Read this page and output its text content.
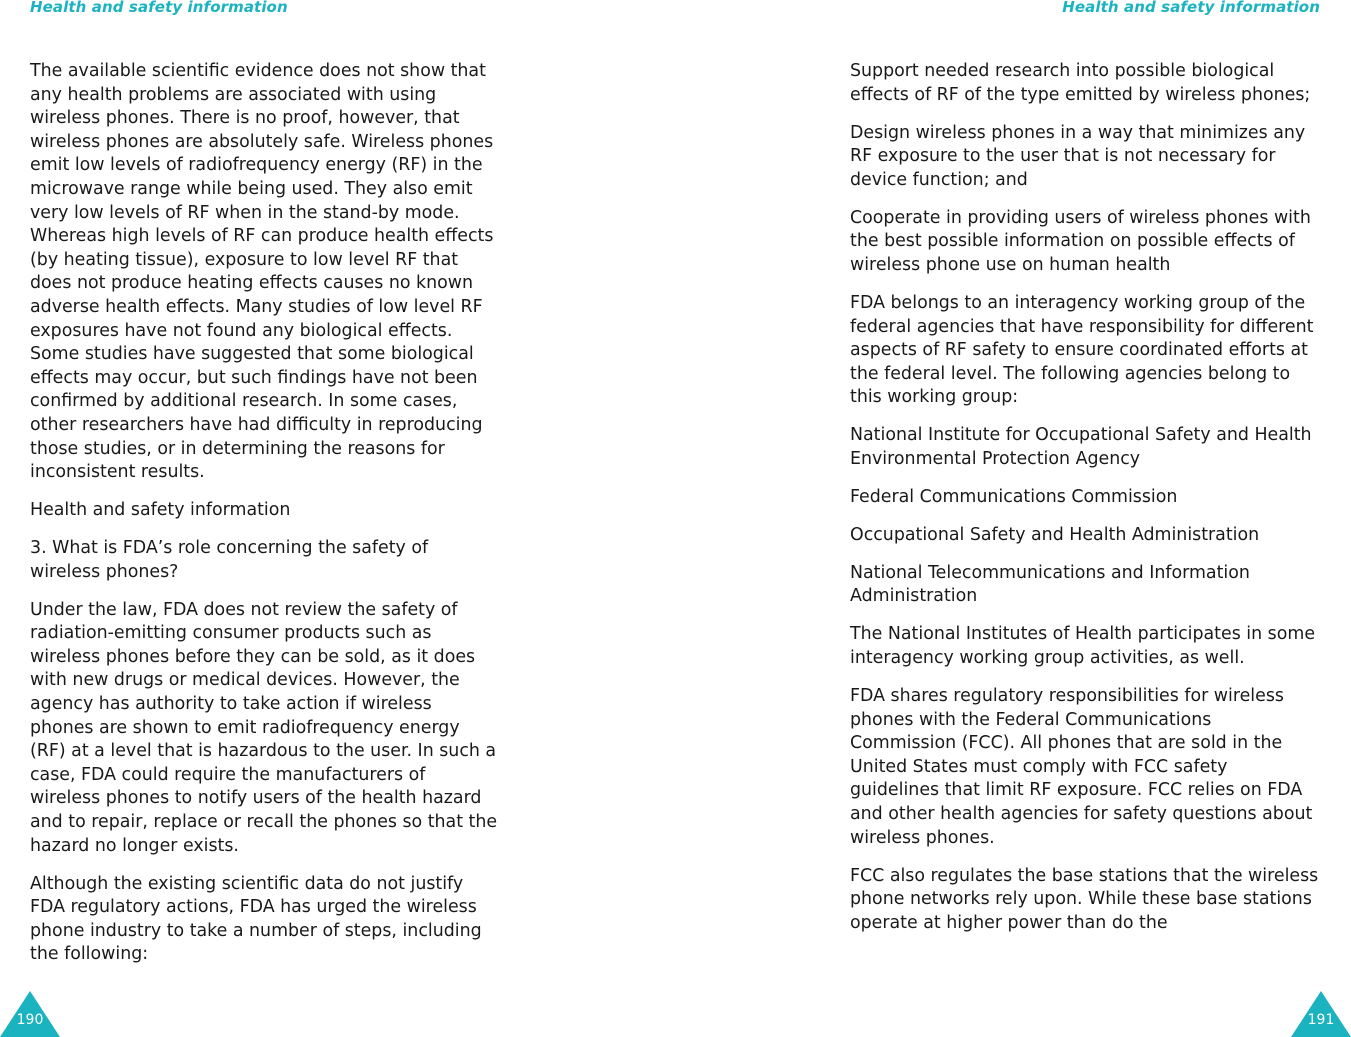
Health and safety information	Health and safety information

The available scientific evidence does not show that any health problems are associated with using wireless phones. There is no proof, however, that wireless phones are absolutely safe. Wireless phones emit low levels of radiofrequency energy (RF) in the microwave range while being used. They also emit very low levels of RF when in the stand-by mode. Whereas high levels of RF can produce health effects (by heating tissue), exposure to low level RF that does not produce heating effects causes no known adverse health effects. Many studies of low level RF exposures have not found any biological effects. Some studies have suggested that some biological effects may occur, but such findings have not been confirmed by additional research. In some cases, other researchers have had difficulty in reproducing those studies, or in determining the reasons for inconsistent results.

Health and safety information

3. What is FDA’s role concerning the safety of wireless phones?

Under the law, FDA does not review the safety of radiation-emitting consumer products such as wireless phones before they can be sold, as it does with new drugs or medical devices. However, the agency has authority to take action if wireless phones are shown to emit radiofrequency energy (RF) at a level that is hazardous to the user. In such a case, FDA could require the manufacturers of wireless phones to notify users of the health hazard and to repair, replace or recall the phones so that the hazard no longer exists.

Although the existing scientific data do not justify FDA regulatory actions, FDA has urged the wireless phone industry to take a number of steps, including the following:

Support needed research into possible biological effects of RF of the type emitted by wireless phones;

Design wireless phones in a way that minimizes any RF exposure to the user that is not necessary for device function; and

Cooperate in providing users of wireless phones with the best possible information on possible effects of wireless phone use on human health

FDA belongs to an interagency working group of the federal agencies that have responsibility for different aspects of RF safety to ensure coordinated efforts at the federal level. The following agencies belong to this working group:

National Institute for Occupational Safety and Health Environmental Protection Agency

Federal Communications Commission

Occupational Safety and Health Administration

National Telecommunications and Information Administration

The National Institutes of Health participates in some interagency working group activities, as well.

FDA shares regulatory responsibilities for wireless phones with the Federal Communications Commission (FCC). All phones that are sold in the United States must comply with FCC safety guidelines that limit RF exposure. FCC relies on FDA and other health agencies for safety questions about wireless phones.

FCC also regulates the base stations that the wireless phone networks rely upon. While these base stations operate at higher power than do the

190	191
